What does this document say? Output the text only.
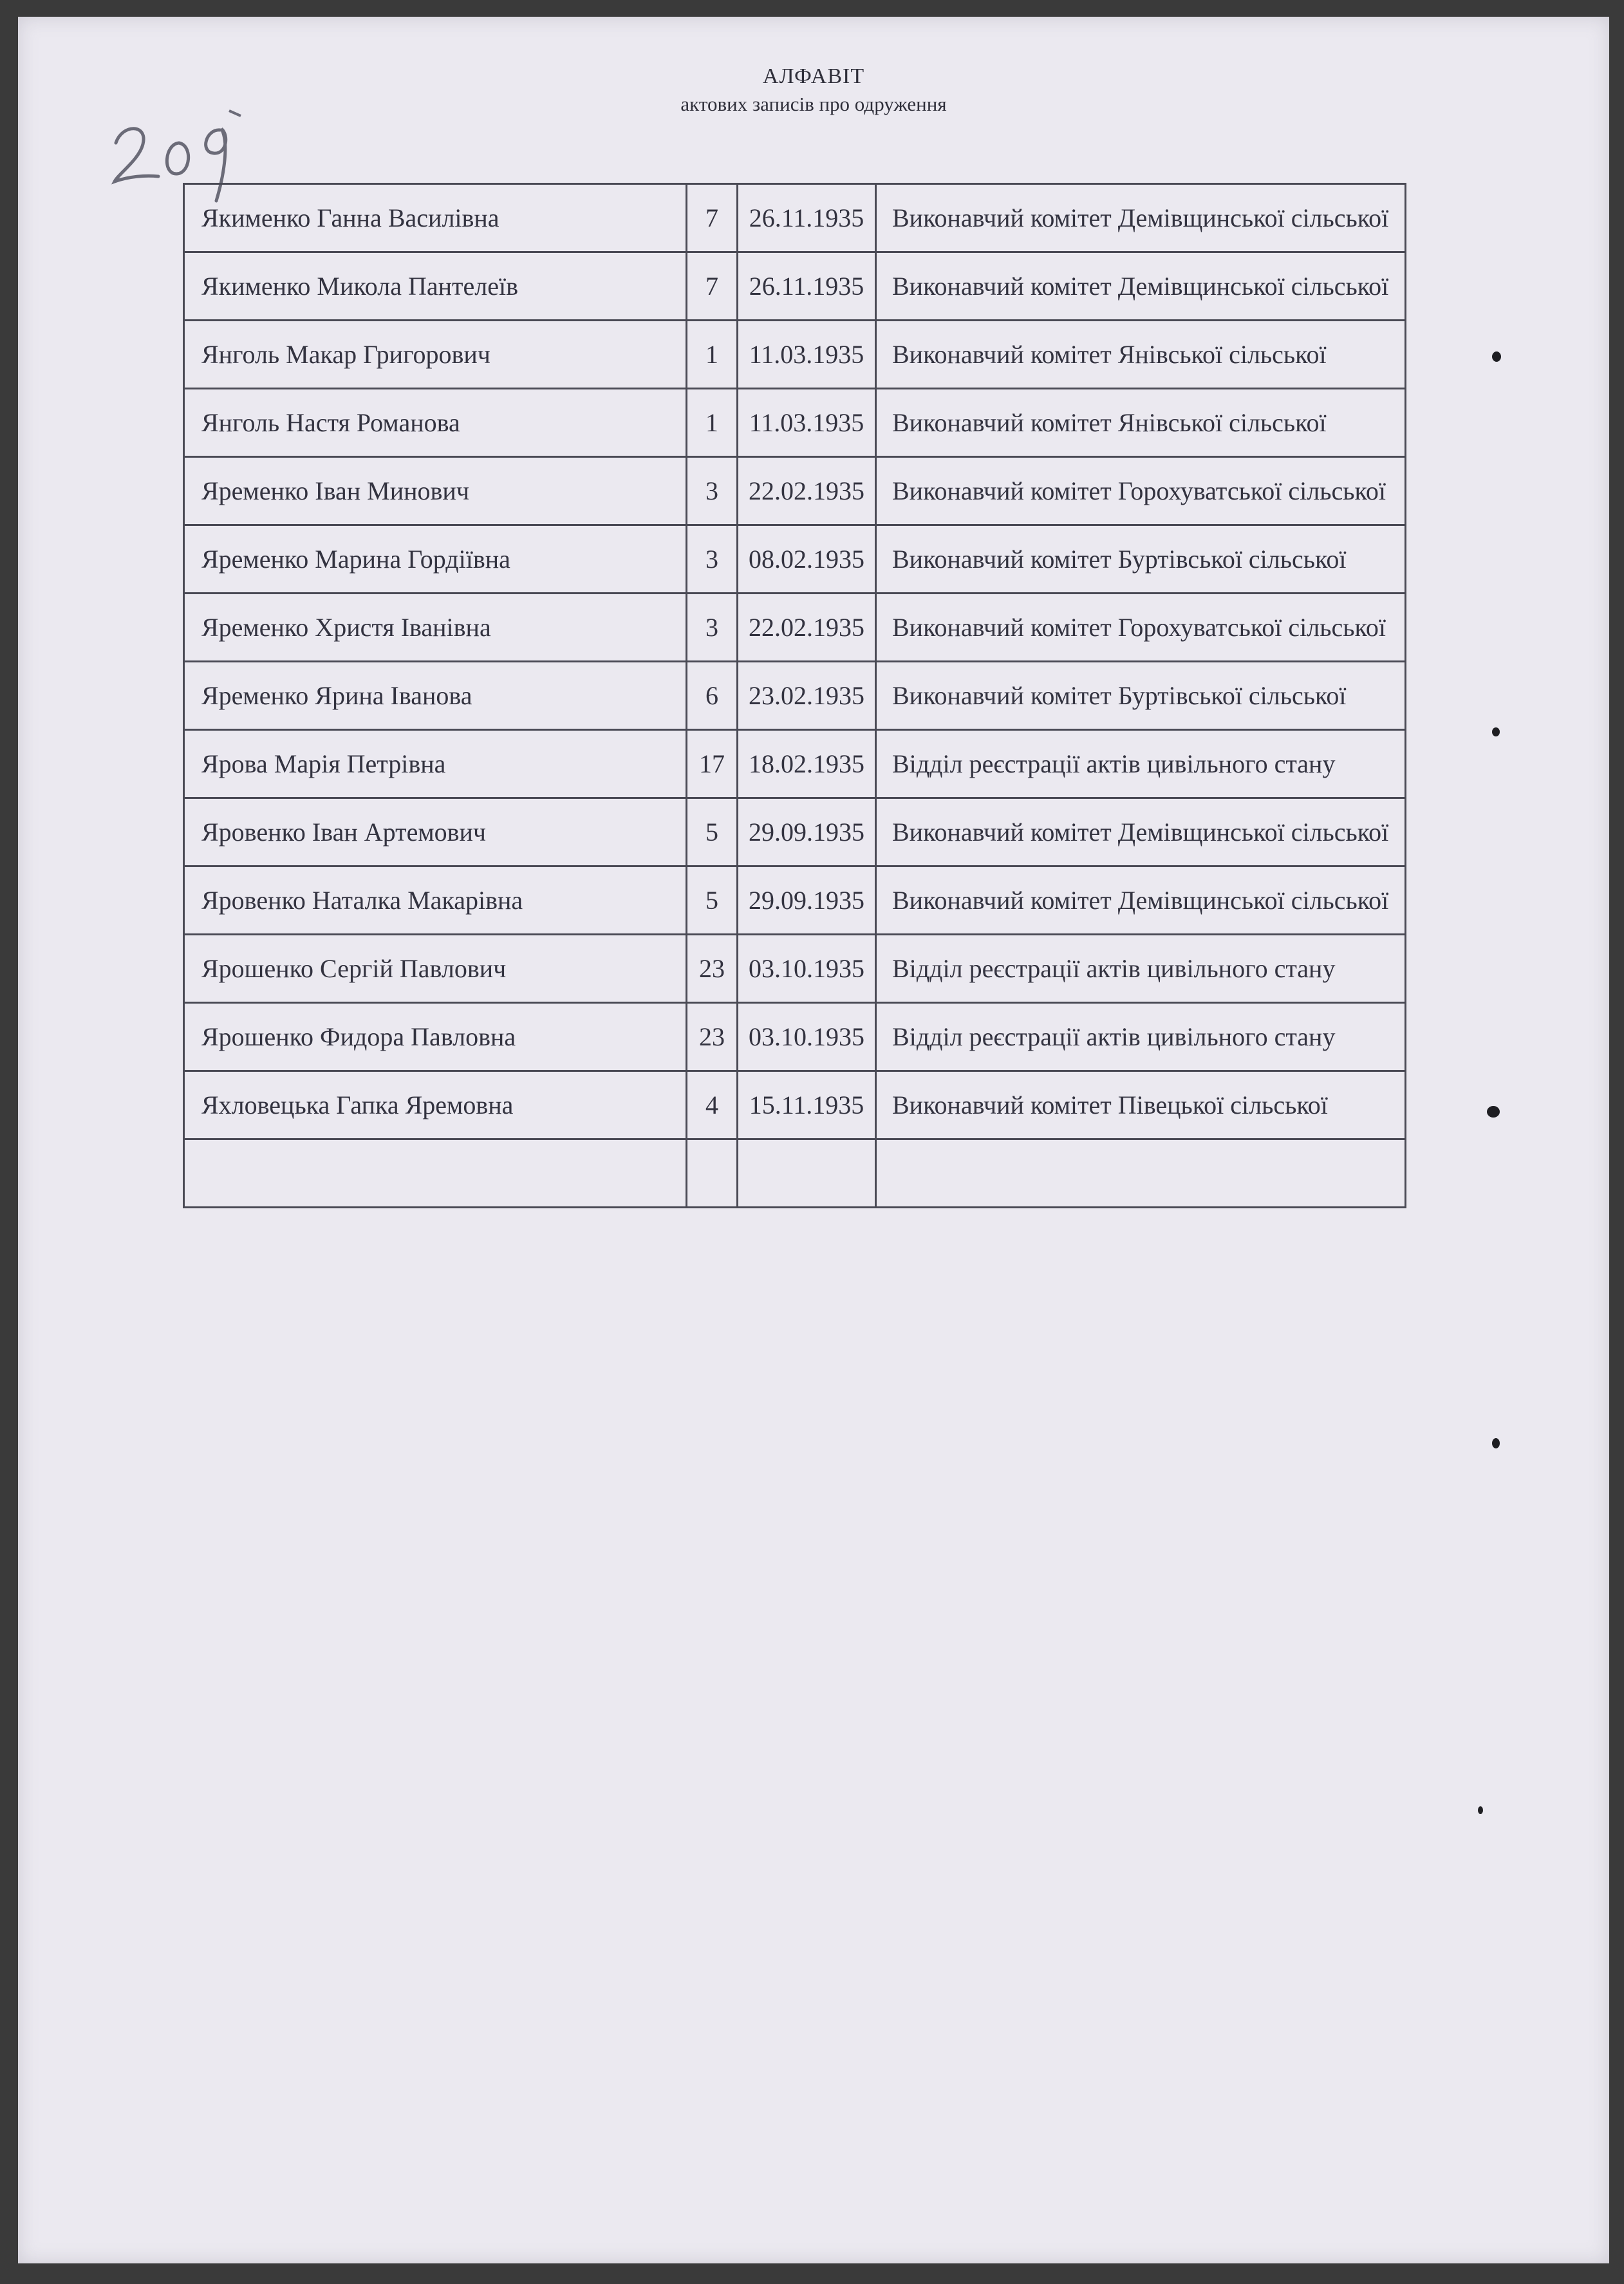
АЛФАВІТ
актових записів про одруження
Якименко Ганна Василівна	7	26.11.1935	Виконавчий комітет Демівщинської сільської
Якименко Микола Пантелеїв	7	26.11.1935	Виконавчий комітет Демівщинської сільської
Янголь Макар Григорович	1	11.03.1935	Виконавчий комітет Янівської сільської
Янголь Настя Романова	1	11.03.1935	Виконавчий комітет Янівської сільської
Яременко Іван Минович	3	22.02.1935	Виконавчий комітет Горохуватської сільської
Яременко Марина Гордіївна	3	08.02.1935	Виконавчий комітет Буртівської сільської
Яременко Христя Іванівна	3	22.02.1935	Виконавчий комітет Горохуватської сільської
Яременко Ярина Іванова	6	23.02.1935	Виконавчий комітет Буртівської сільської
Ярова Марія Петрівна	17	18.02.1935	Відділ реєстрації актів цивільного стану
Яровенко Іван Артемович	5	29.09.1935	Виконавчий комітет Демівщинської сільської
Яровенко Наталка Макарівна	5	29.09.1935	Виконавчий комітет Демівщинської сільської
Ярошенко Сергій Павлович	23	03.10.1935	Відділ реєстрації актів цивільного стану
Ярошенко Фидора Павловна	23	03.10.1935	Відділ реєстрації актів цивільного стану
Яхловецька Гапка Яремовна	4	15.11.1935	Виконавчий комітет Півецької сільської
